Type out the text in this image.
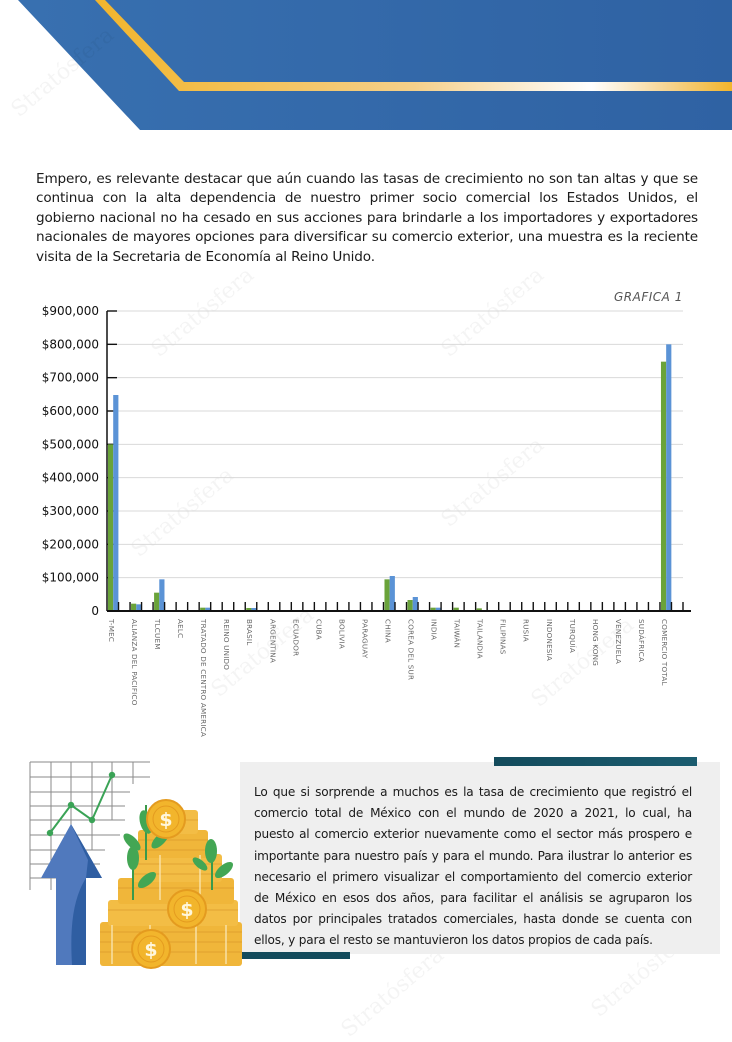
Empero, es relevante destacar que aún cuando las tasas de crecimiento no son tan altas y que se continua con la alta dependencia de nuestro primer socio comercial los Estados Unidos, el gobierno nacional no ha cesado en sus acciones para brindarle a los importadores y exportadores nacionales de mayores opciones para diversificar su comercio exterior, una muestra es la reciente visita de la Secretaria de Economía al Reino Unido.

GRAFICA 1
0
$100,000
$200,000
$300,000
$400,000
$500,000
$600,000
$700,000
$800,000
$900,000
T-MEC ALIANZA DEL PACIFICO TLCUEM AELC TRATADO DE CENTRO AMERICA REINO UNIDO BRASIL ARGENTINA ECUADOR CUBA BOLIVIA PARAGUAY CHINA COREA DEL SUR INDIA TAIWÁN TAILANDIA FILIPINAS RUSIA INDONESIA TURQUÍA HONG KONG VENEZUELA SUDÁFRICA COMERCIO TOTAL

Lo que si sorprende a muchos es la tasa de crecimiento que registró el comercio total de México con el mundo de 2020 a 2021, lo cual, ha puesto al comercio exterior nuevamente como el sector más prospero e importante para nuestro país y para el mundo. Para ilustrar lo anterior es necesario el primero visualizar el comportamiento del comercio exterior de México en esos dos años, para facilitar el análisis se agruparon los datos por principales tratados comerciales, hasta donde se cuenta con ellos, y para el resto se mantuvieron los datos propios de cada país.

$
$
$
